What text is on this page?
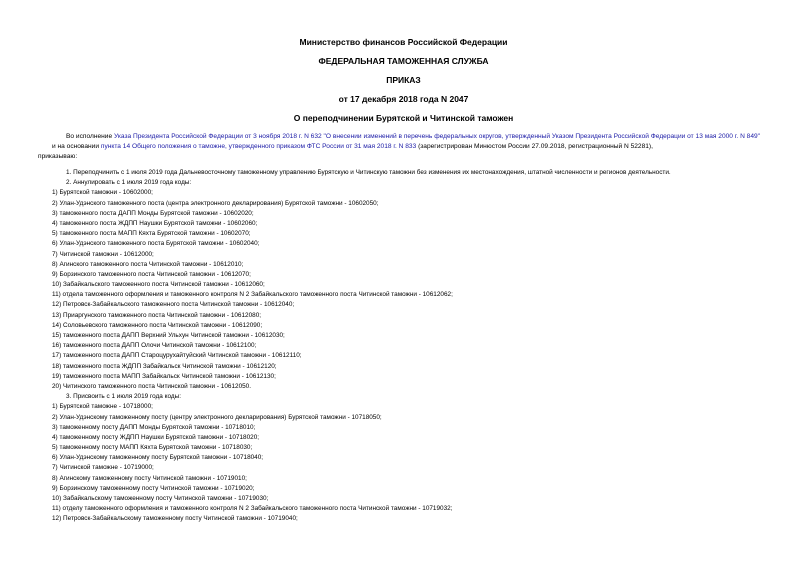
Министерство финансов Российской Федерации
ФЕДЕРАЛЬНАЯ ТАМОЖЕННАЯ СЛУЖБА
ПРИКАЗ
от 17 декабря 2018 года N 2047
О переподчинении Бурятской и Читинской таможен

Во исполнение Указа Президента Российской Федерации от 3 ноября 2018 г. N 632 "О внесении изменений в перечень федеральных округов, утвержденный Указом Президента Российской Федерации от 13 мая 2000 г. N 849" и на основании пункта 14 Общего положения о таможне, утвержденного приказом ФТС России от 31 мая 2018 г. N 833 (зарегистрирован Минюстом России 27.09.2018, регистрационный N 52281),
приказываю:

1. Переподчинить с 1 июля 2019 года Дальневосточному таможенному управлению Бурятскую и Читинскую таможни без изменения их местонахождения, штатной численности и регионов деятельности.
2. Аннулировать с 1 июля 2019 года коды:
1) Бурятской таможни - 10602000;
2) Улан-Удэнского таможенного поста (центра электронного декларирования) Бурятской таможни - 10602050;
3) таможенного поста ДАПП Монды Бурятской таможни - 10602020;
4) таможенного поста ЖДПП Наушки Бурятской таможни - 10602060;
5) таможенного поста МАПП Кяхта Бурятской таможни - 10602070;
6) Улан-Удэнского таможенного поста Бурятской таможни - 10602040;
7) Читинской таможни - 10612000;
8) Агинского таможенного поста Читинской таможни - 10612010;
9) Борзинского таможенного поста Читинской таможни - 10612070;
10) Забайкальского таможенного поста Читинской таможни - 10612060;
11) отдела таможенного оформления и таможенного контроля N 2 Забайкальского таможенного поста Читинской таможни - 10612062;
12) Петровск-Забайкальского таможенного поста Читинской таможни - 10612040;
13) Приаргунского таможенного поста Читинской таможни - 10612080;
14) Соловьевского таможенного поста Читинской таможни - 10612090;
15) таможенного поста ДАПП Верхний Ульхун Читинской таможни - 10612030;
16) таможенного поста ДАПП Олочи Читинской таможни - 10612100;
17) таможенного поста ДАПП Староцурухайтуйский Читинской таможни - 10612110;
18) таможенного поста ЖДПП Забайкальск Читинской таможни - 10612120;
19) таможенного поста МАПП Забайкальск Читинской таможни - 10612130;
20) Читинского таможенного поста Читинской таможни - 10612050.
3. Присвоить с 1 июля 2019 года коды:
1) Бурятской таможне - 10718000;
2) Улан-Удэнскому таможенному посту (центру электронного декларирования) Бурятской таможни - 10718050;
3) таможенному посту ДАПП Монды Бурятской таможни - 10718010;
4) таможенному посту ЖДПП Наушки Бурятской таможни - 10718020;
5) таможенному посту МАПП Кяхта Бурятской таможни - 10718030;
6) Улан-Удэнскому таможенному посту Бурятской таможни - 10718040;
7) Читинской таможне - 10719000;
8) Агинскому таможенному посту Читинской таможни - 10719010;
9) Борзинскому таможенному посту Читинской таможни - 10719020;
10) Забайкальскому таможенному посту Читинской таможни - 10719030;
11) отделу таможенного оформления и таможенного контроля N 2 Забайкальского таможенного поста Читинской таможни - 10719032;
12) Петровск-Забайкальскому таможенному посту Читинской таможни - 10719040;
